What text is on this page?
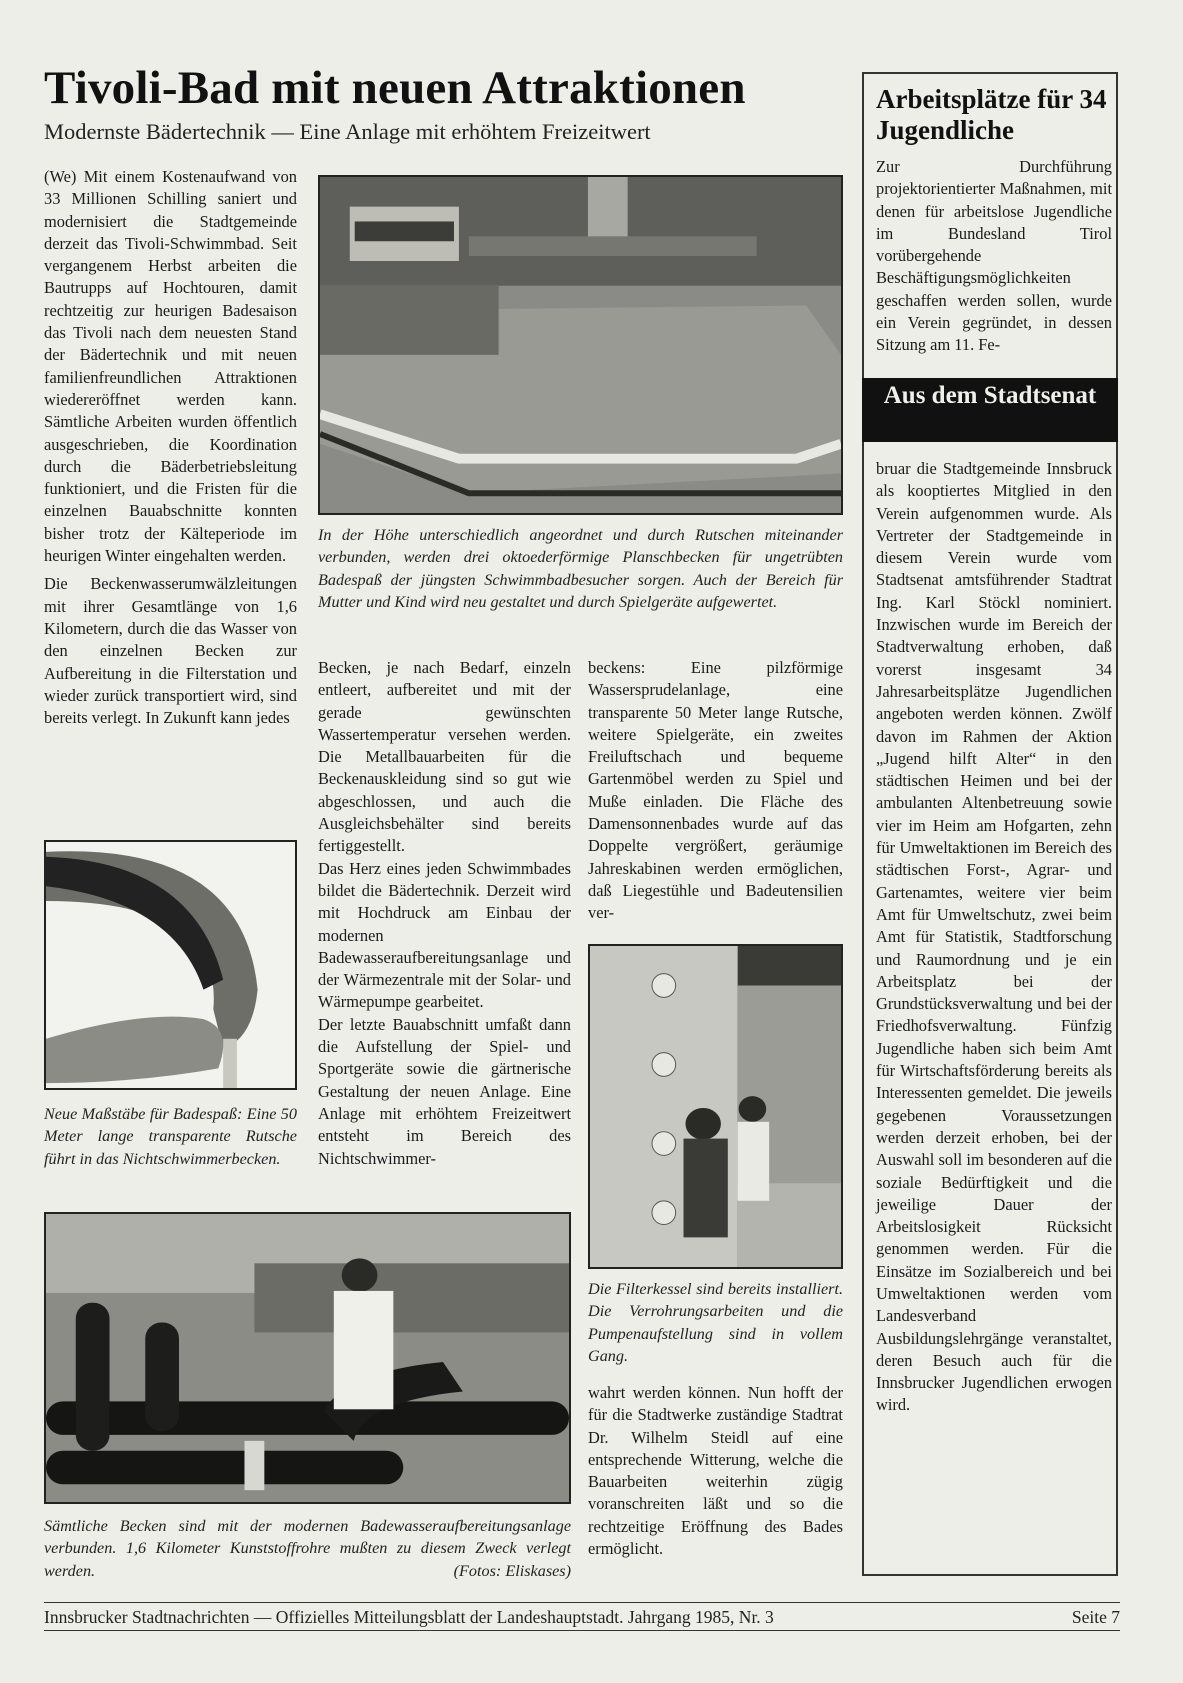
Tivoli-Bad mit neuen Attraktionen
Modernste Bädertechnik — Eine Anlage mit erhöhtem Freizeitwert

(We) Mit einem Kostenaufwand von 33 Millionen Schilling saniert und modernisiert die Stadtgemeinde derzeit das Tivoli-Schwimmbad. Seit vergangenem Herbst arbeiten die Bautrupps auf Hochtouren, damit rechtzeitig zur heurigen Badesaison das Tivoli nach dem neuesten Stand der Bädertechnik und mit neuen familienfreundlichen Attraktionen wiedereröffnet werden kann. Sämtliche Arbeiten wurden öffentlich ausgeschrieben, die Koordination durch die Bäderbetriebsleitung funktioniert, und die Fristen für die einzelnen Bauabschnitte konnten bisher trotz der Kälteperiode im heurigen Winter eingehalten werden.

Die Beckenwasserumwälzleitungen mit ihrer Gesamtlänge von 1,6 Kilometern, durch die das Wasser von den einzelnen Becken zur Aufbereitung in die Filterstation und wieder zurück transportiert wird, sind bereits verlegt. In Zukunft kann jedes

In der Höhe unterschiedlich angeordnet und durch Rutschen miteinander verbunden, werden drei oktoederförmige Planschbecken für ungetrübten Badespaß der jüngsten Schwimmbadbesucher sorgen. Auch der Bereich für Mutter und Kind wird neu gestaltet und durch Spielgeräte aufgewertet.
Neue Maßstäbe für Badespaß: Eine 50 Meter lange transparente Rutsche führt in das Nichtschwimmerbecken.

Becken, je nach Bedarf, einzeln entleert, aufbereitet und mit der gerade gewünschten Wassertemperatur versehen werden. Die Metallbauarbeiten für die Beckenauskleidung sind so gut wie abgeschlossen, und auch die Ausgleichsbehälter sind bereits fertiggestellt.

Das Herz eines jeden Schwimmbades bildet die Bädertechnik. Derzeit wird mit Hochdruck am Einbau der modernen Badewasseraufbereitungsanlage und der Wärmezentrale mit der Solar- und Wärmepumpe gearbeitet.

Der letzte Bauabschnitt umfaßt dann die Aufstellung der Spiel- und Sportgeräte sowie die gärtnerische Gestaltung der neuen Anlage. Eine Anlage mit erhöhtem Freizeitwert entsteht im Bereich des Nichtschwimmer-

beckens: Eine pilzförmige Wassersprudelanlage, eine transparente 50 Meter lange Rutsche, weitere Spielgeräte, ein zweites Freiluftschach und bequeme Gartenmöbel werden zu Spiel und Muße einladen. Die Fläche des Damensonnenbades wurde auf das Doppelte vergrößert, geräumige Jahreskabinen werden ermöglichen, daß Liegestühle und Badeutensilien ver-

Die Filterkessel sind bereits installiert. Die Verrohrungsarbeiten und die Pumpenaufstellung sind in vollem Gang.

wahrt werden können. Nun hofft der für die Stadtwerke zuständige Stadtrat Dr. Wilhelm Steidl auf eine entsprechende Witterung, welche die Bauarbeiten weiterhin zügig voranschreiten läßt und so die rechtzeitige Eröffnung des Bades ermöglicht.

Sämtliche Becken sind mit der modernen Badewasseraufbereitungsanlage verbunden. 1,6 Kilometer Kunststoffrohre mußten zu diesem Zweck verlegt werden.	(Fotos: Eliskases)
Arbeitsplätze für 34 Jugendliche

Zur Durchführung projektorientierter Maßnahmen, mit denen für arbeitslose Jugendliche im Bundesland Tirol vorübergehende Beschäftigungsmöglichkeiten geschaffen werden sollen, wurde ein Verein gegründet, in dessen Sitzung am 11. Fe-

Aus dem Stadtsenat

bruar die Stadtgemeinde Innsbruck als kooptiertes Mitglied in den Verein aufgenommen wurde. Als Vertreter der Stadtgemeinde in diesem Verein wurde vom Stadtsenat amtsführender Stadtrat Ing. Karl Stöckl nominiert. Inzwischen wurde im Bereich der Stadtverwaltung erhoben, daß vorerst insgesamt 34 Jahresarbeitsplätze Jugendlichen angeboten werden können. Zwölf davon im Rahmen der Aktion „Jugend hilft Alter“ in den städtischen Heimen und bei der ambulanten Altenbetreuung sowie vier im Heim am Hofgarten, zehn für Umweltaktionen im Bereich des städtischen Forst-, Agrar- und Gartenamtes, weitere vier beim Amt für Umweltschutz, zwei beim Amt für Statistik, Stadtforschung und Raumordnung und je ein Arbeitsplatz bei der Grundstücksverwaltung und bei der Friedhofsverwaltung. Fünfzig Jugendliche haben sich beim Amt für Wirtschaftsförderung bereits als Interessenten gemeldet. Die jeweils gegebenen Voraussetzungen werden derzeit erhoben, bei der Auswahl soll im besonderen auf die soziale Bedürftigkeit und die jeweilige Dauer der Arbeitslosigkeit Rücksicht genommen werden. Für die Einsätze im Sozialbereich und bei Umweltaktionen werden vom Landesverband Ausbildungslehrgänge veranstaltet, deren Besuch auch für die Innsbrucker Jugendlichen erwogen wird.

Innsbrucker Stadtnachrichten — Offizielles Mitteilungsblatt der Landeshauptstadt. Jahrgang 1985, Nr. 3	Seite 7
